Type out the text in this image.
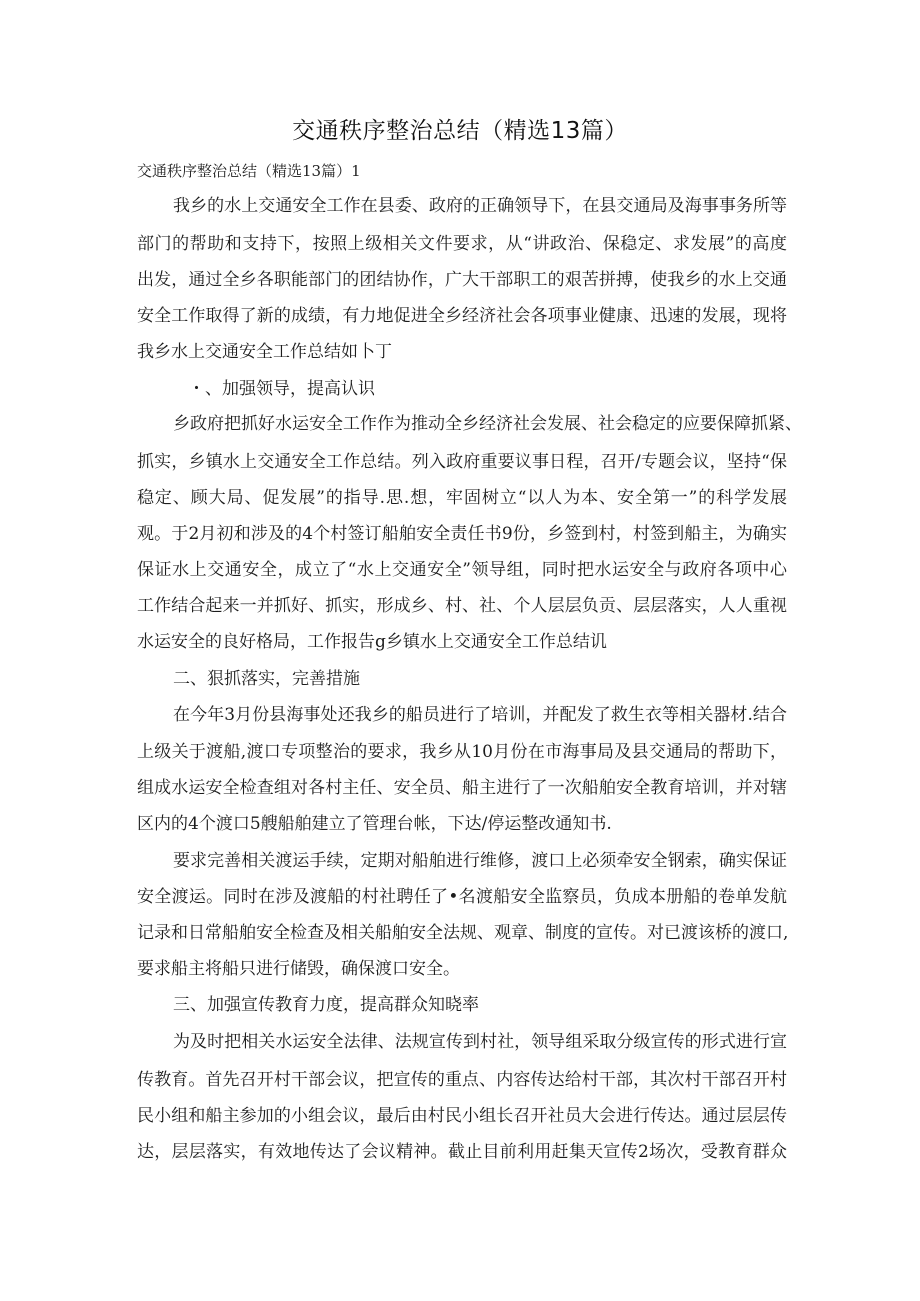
交通秩序整治总结（精选13篇）
交通秩序整治总结（精选13篇）1
我乡的水上交通安全工作在县委、政府的正确领导下，在县交通局及海事事务所等
部门的帮助和支持下，按照上级相关文件要求，从“讲政治、保稳定、求发展”的高度
出发，通过全乡各职能部门的团结协作，广大干部职工的艰苦拼搏，使我乡的水上交通
安全工作取得了新的成绩，有力地促进全乡经济社会各项事业健康、迅速的发展，现将
我乡水上交通安全工作总结如卜丁
・、加强领导，提高认识
乡政府把抓好水运安全工作作为推动全乡经济社会发展、社会稳定的应要保障抓紧、
抓实，乡镇水上交通安全工作总结。列入政府重要议事日程，召开/专题会议，坚持“保
稳定、顾大局、促发展”的指导.思.想，牢固树立“以人为本、安全第一”的科学发展
观。于2月初和涉及的4个村签订船舶安全责任书9份，乡签到村，村签到船主，为确实
保证水上交通安全，成立了“水上交通安全”领导组，同时把水运安全与政府各项中心
工作结合起来一并抓好、抓实，形成乡、村、社、个人层层负贡、层层落实，人人重视
水运安全的良好格局，工作报告g乡镇水上交通安全工作总结讥
二、狠抓落实，完善措施
在今年3月份县海事处还我乡的船员进行了培训，并配发了救生衣等相关器材.结合
上级关于渡船,渡口专项整治的要求，我乡从10月份在市海事局及县交通局的帮助下，
组成水运安全检查组对各村主任、安全员、船主进行了一次船舶安全教育培训，并对辖
区内的4个渡口5艘船舶建立了管理台帐，下达/停运整改通知书.
要求完善相关渡运手续，定期对船舶进行维修，渡口上必须牵安全钢索，确实保证
安全渡运。同时在涉及渡船的村社聘任了•名渡船安全监察员，负成本册船的卷单发航
记录和日常船舶安全检查及相关船舶安全法规、观章、制度的宣传。对已渡该桥的渡口,
要求船主将船只进行储毁，确保渡口安全。
三、加强宣传教育力度，提高群众知晓率
为及时把相关水运安全法律、法规宣传到村社，领导组采取分级宣传的形式进行宣
传教育。首先召开村干部会议，把宣传的重点、内容传达给村干部，其次村干部召开村
民小组和船主参加的小组会议，最后由村民小组长召开社员大会进行传达。通过层层传
达，层层落实，有效地传达了会议精神。截止目前利用赶集天宣传2场次，受教育群众
